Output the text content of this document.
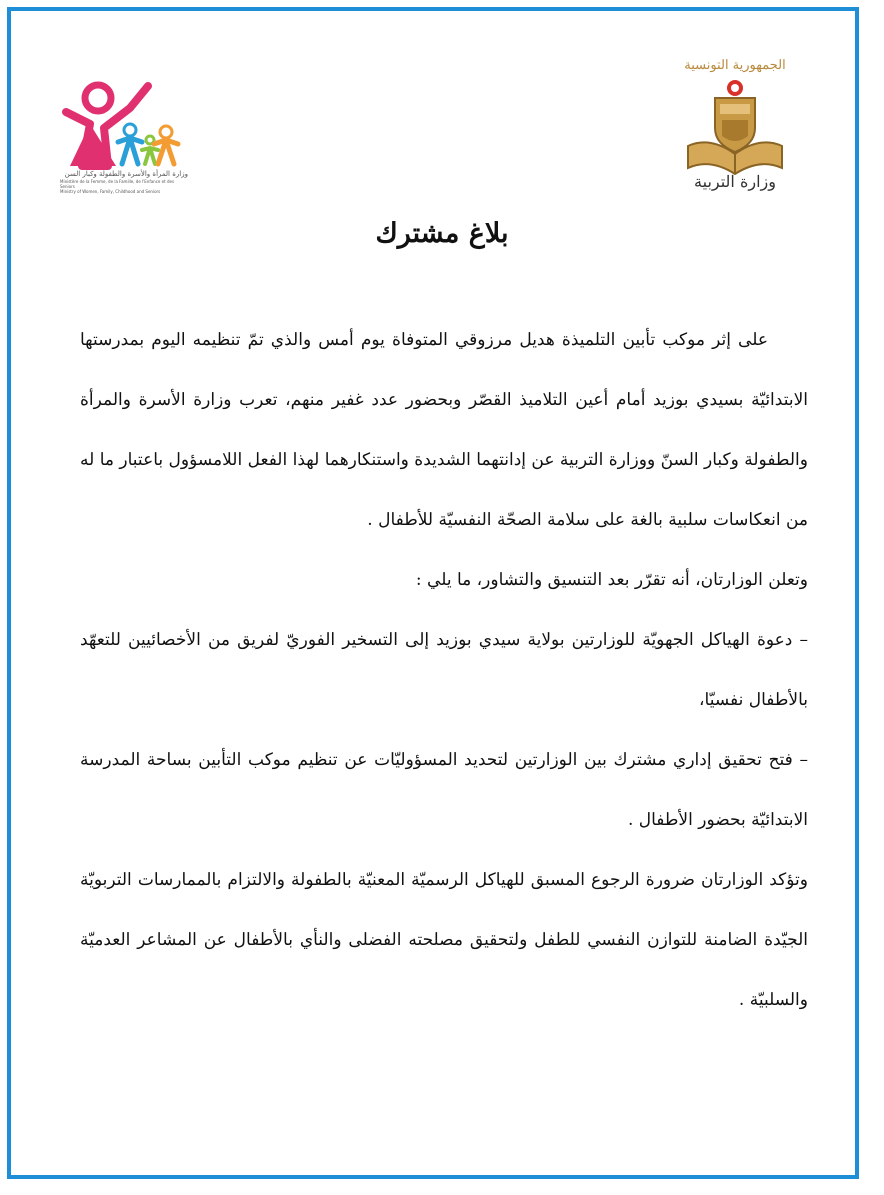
وزارة المرأة والأسرة والطفولة وكبار السن
Ministère de la Femme, de la Famille, de l'Enfance et des Seniors
Ministry of Women, Family, Childhood and Seniors
الجمهورية التونسية
وزارة التربية
بلاغ مشترك

على إثر موكب تأبين التلميذة هديل مرزوقي المتوفاة يوم أمس والذي تمّ تنظيمه اليوم بمدرستها الابتدائيّة بسيدي بوزيد أمام أعين التلاميذ القصّر وبحضور عدد غفير منهم، تعرب وزارة الأسرة والمرأة والطفولة وكبار السنّ ووزارة التربية عن إدانتهما الشديدة واستنكارهما لهذا الفعل اللامسؤول باعتبار ما له من انعكاسات سلبية بالغة على سلامة الصحّة النفسيّة للأطفال .

وتعلن الوزارتان، أنه تقرّر بعد التنسيق والتشاور، ما يلي :

– دعوة الهياكل الجهويّة للوزارتين بولاية سيدي بوزيد إلى التسخير الفوريّ لفريق من الأخصائيين للتعهّد بالأطفال نفسيّا،

– فتح تحقيق إداري مشترك بين الوزارتين لتحديد المسؤوليّات عن تنظيم موكب التأبين بساحة المدرسة الابتدائيّة بحضور الأطفال .

وتؤكد الوزارتان ضرورة الرجوع المسبق للهياكل الرسميّة المعنيّة بالطفولة والالتزام بالممارسات التربويّة الجيّدة الضامنة للتوازن النفسي للطفل ولتحقيق مصلحته الفضلى والنأي بالأطفال عن المشاعر العدميّة والسلبيّة .
